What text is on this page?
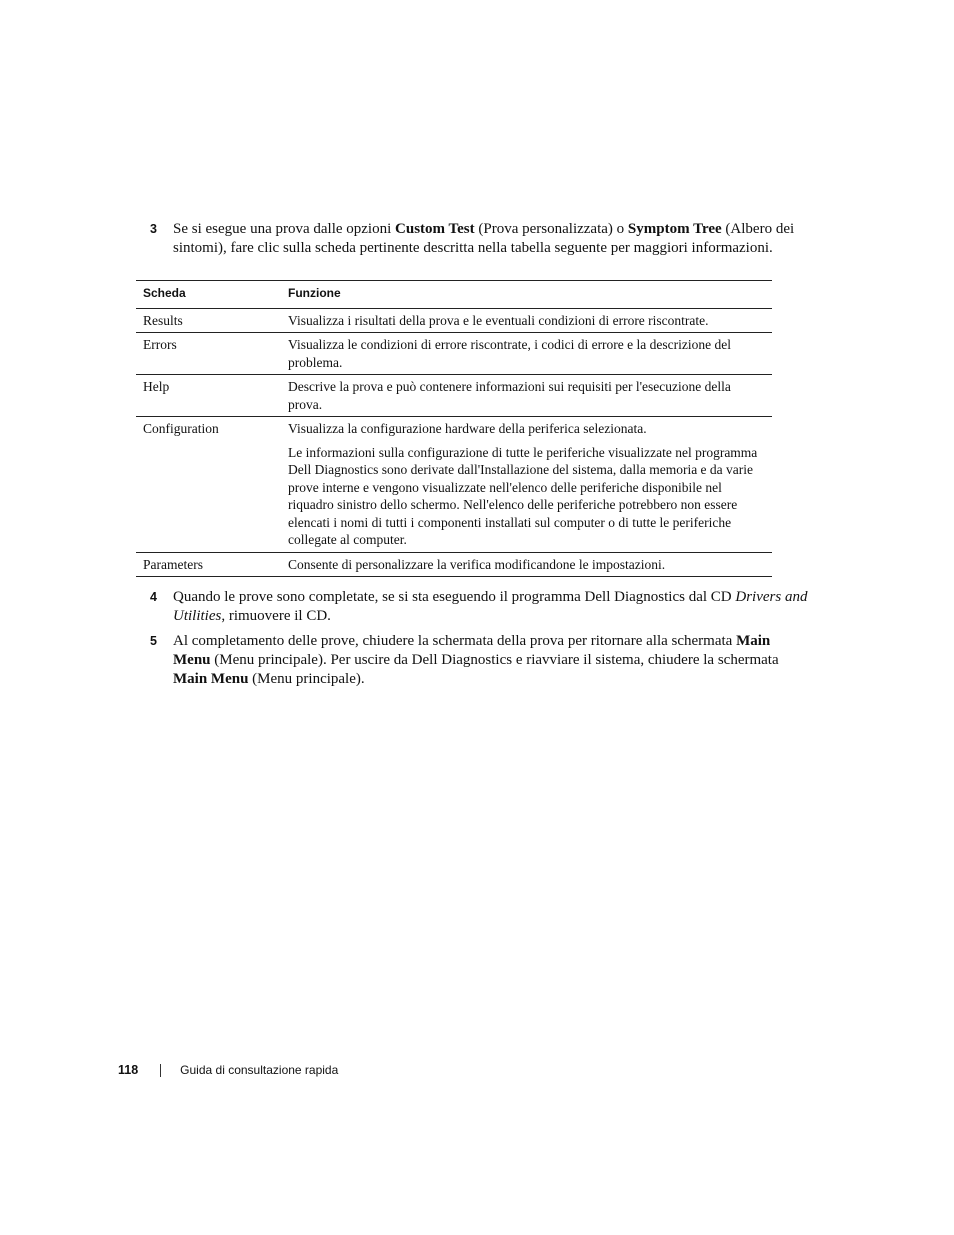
3 Se si esegue una prova dalle opzioni Custom Test (Prova personalizzata) o Symptom Tree (Albero dei sintomi), fare clic sulla scheda pertinente descritta nella tabella seguente per maggiori informazioni.
Scheda	Funzione
Results	Visualizza i risultati della prova e le eventuali condizioni di errore riscontrate.

Errors	Visualizza le condizioni di errore riscontrate, i codici di errore e la descrizione del problema.

Help	Descrive la prova e può contenere informazioni sui requisiti per l'esecuzione della prova.

Configuration	Visualizza la configurazione hardware della periferica selezionata.

Le informazioni sulla configurazione di tutte le periferiche visualizzate nel programma Dell Diagnostics sono derivate dall'Installazione del sistema, dalla memoria e da varie prove interne e vengono visualizzate nell'elenco delle periferiche disponibile nel riquadro sinistro dello schermo. Nell'elenco delle periferiche potrebbero non essere elencati i nomi di tutti i componenti installati sul computer o di tutte le periferiche collegate al computer.

Parameters	Consente di personalizzare la verifica modificandone le impostazioni.

4 Quando le prove sono completate, se si sta eseguendo il programma Dell Diagnostics dal CD Drivers and Utilities, rimuovere il CD.
5 Al completamento delle prove, chiudere la schermata della prova per ritornare alla schermata Main Menu (Menu principale). Per uscire da Dell Diagnostics e riavviare il sistema, chiudere la schermata Main Menu (Menu principale).
118	Guida di consultazione rapida
